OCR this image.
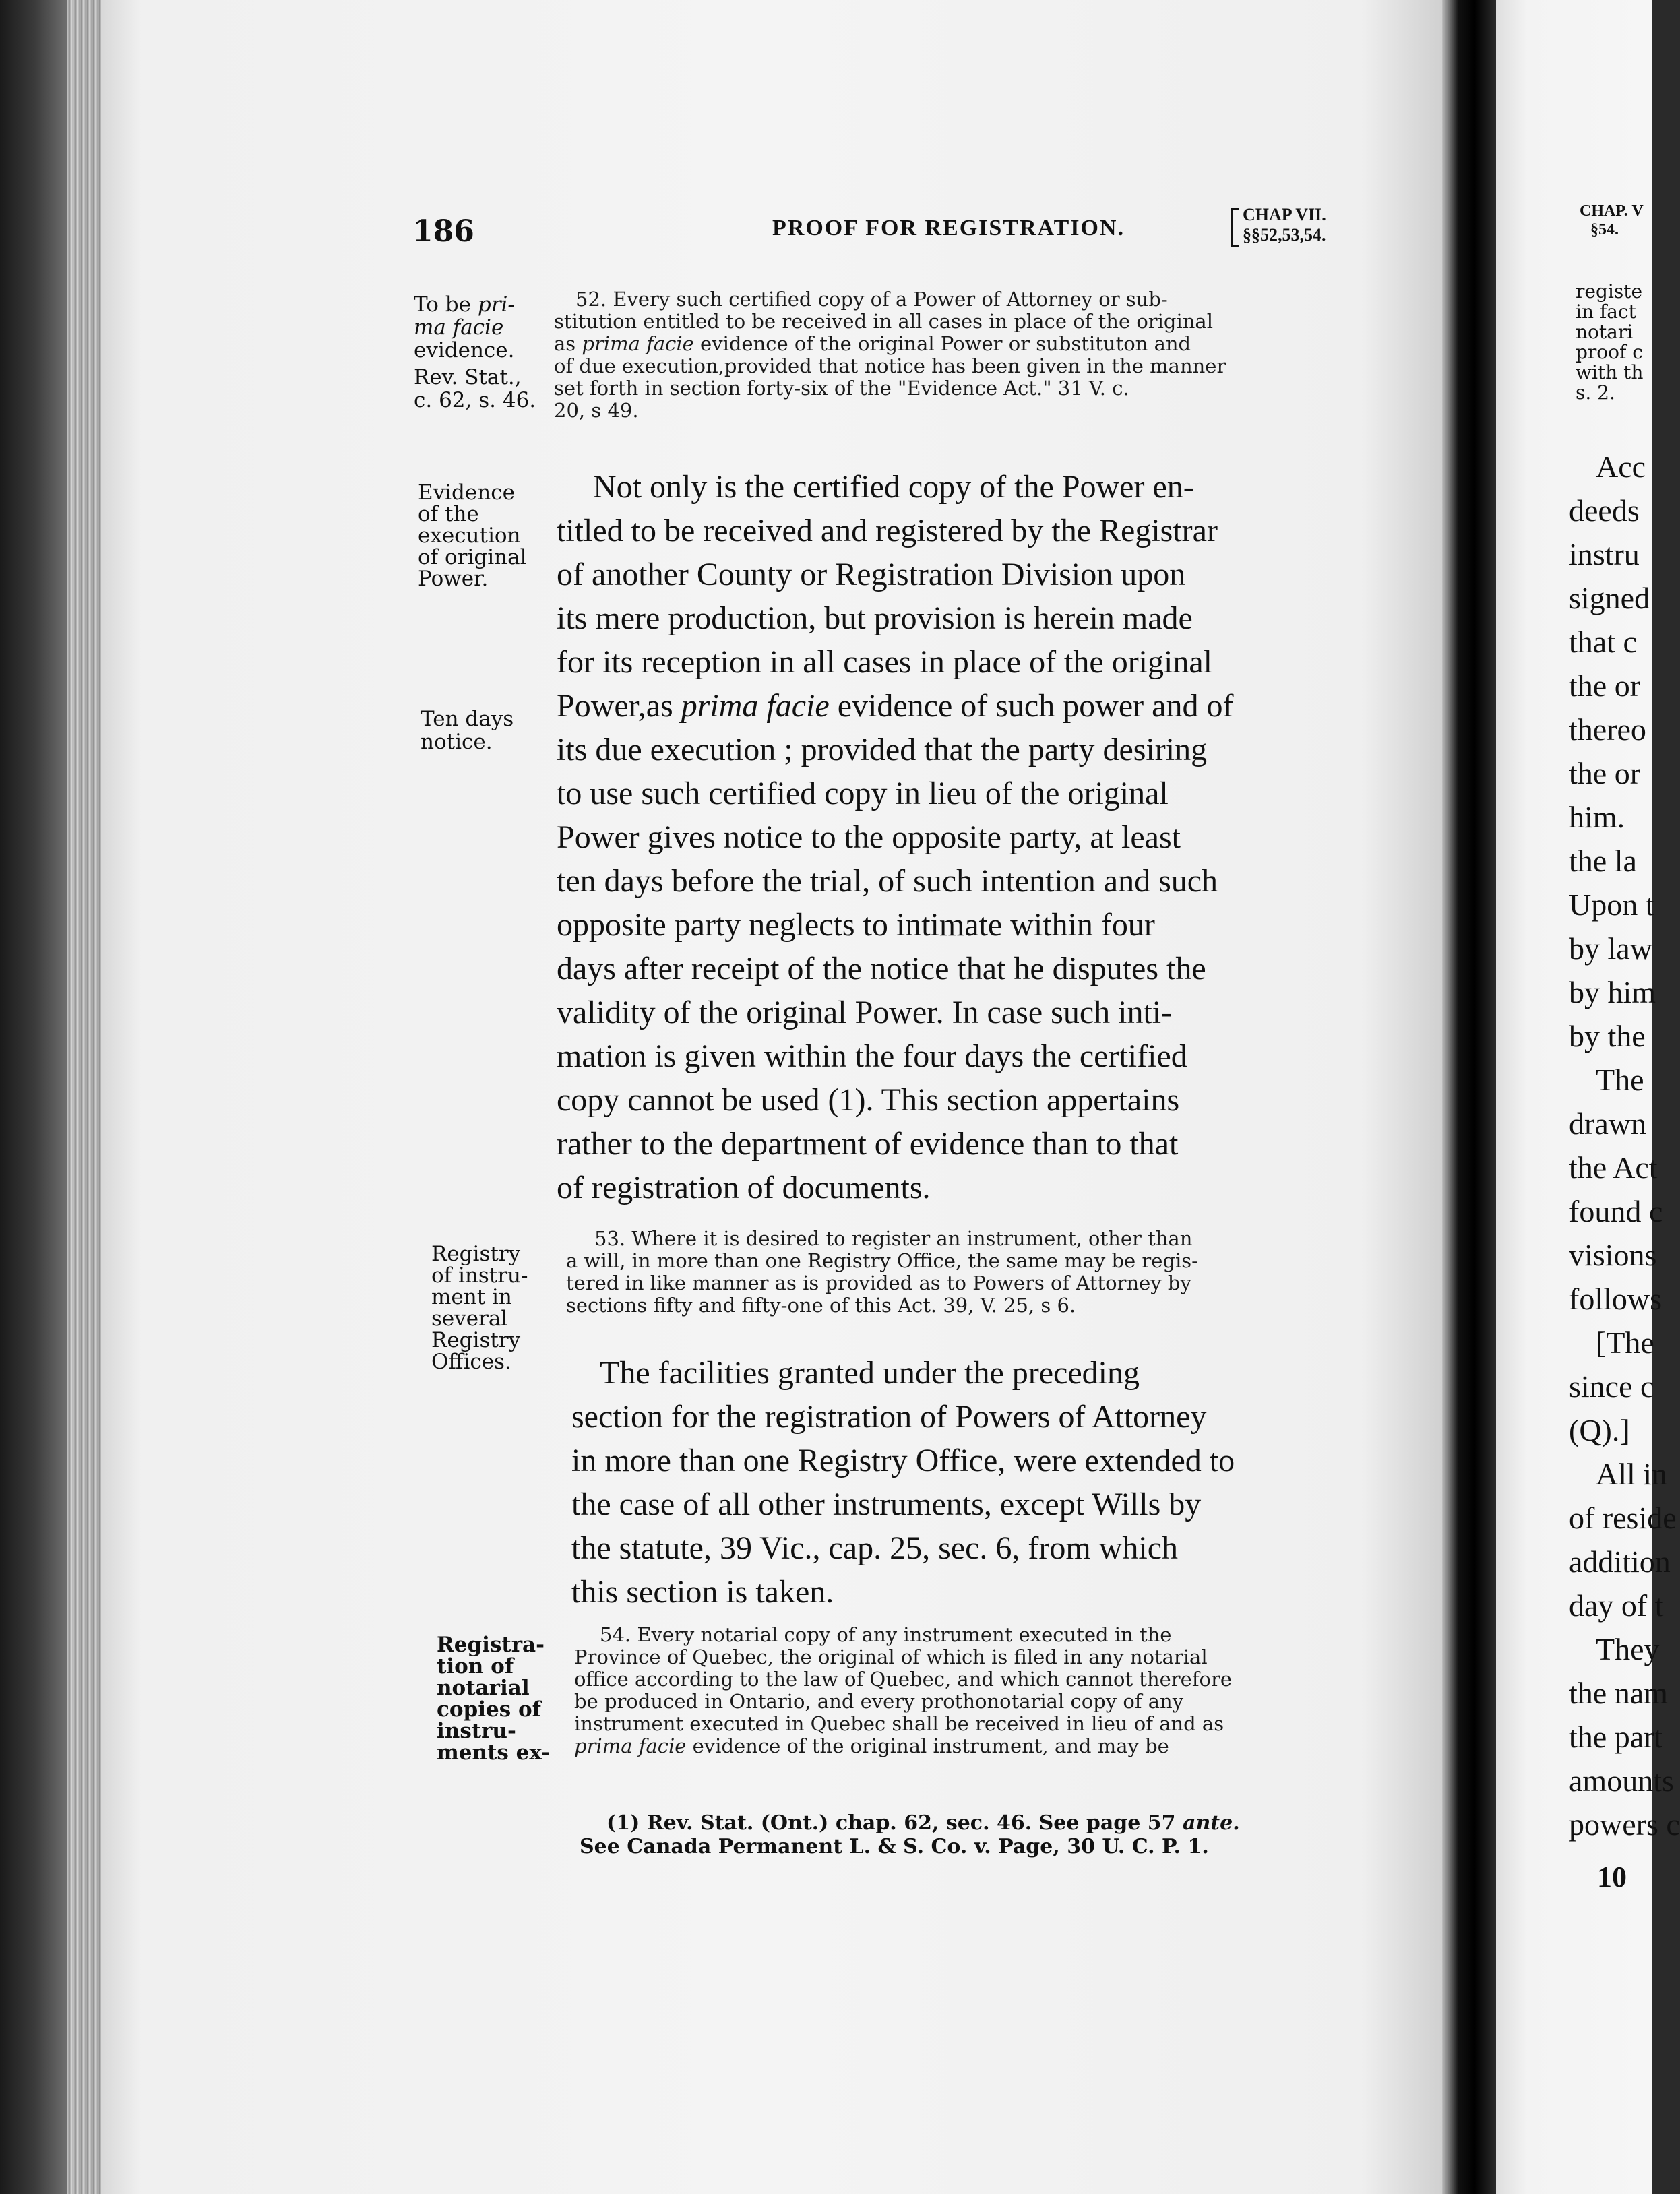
186	PROOF FOR REGISTRATION.
CHAP VII.
§§52,53,54.
To be pri-
ma facie
evidence.
Rev. Stat.,
c. 62, s. 46.
Evidence
of the
execution
of original
Power.
Ten days
notice.
Registry
of instru-
ment in
several
Registry
Offices.
Registra-
tion of
notarial
copies of
instru-
ments ex-
52. Every such certified copy of a Power of Attorney or sub-
stitution entitled to be received in all cases in place of the original
as prima facie evidence of the original Power or substituton and
of due execution,provided that notice has been given in the manner
set forth in section forty-six of the "Evidence Act." 31 V. c.
20, s 49.
Not only is the certified copy of the Power en-
titled to be received and registered by the Registrar
of another County or Registration Division upon
its mere production, but provision is herein made
for its reception in all cases in place of the original
Power,as prima facie evidence of such power and of
its due execution ; provided that the party desiring
to use such certified copy in lieu of the original
Power gives notice to the opposite party, at least
ten days before the trial, of such intention and such
opposite party neglects to intimate within four
days after receipt of the notice that he disputes the
validity of the original Power. In case such inti-
mation is given within the four days the certified
copy cannot be used (1). This section appertains
rather to the department of evidence than to that
of registration of documents.
53. Where it is desired to register an instrument, other than
a will, in more than one Registry Office, the same may be regis-
tered in like manner as is provided as to Powers of Attorney by
sections fifty and fifty-one of this Act. 39, V. 25, s 6.
The facilities granted under the preceding
section for the registration of Powers of Attorney
in more than one Registry Office, were extended to
the case of all other instruments, except Wills by
the statute, 39 Vic., cap. 25, sec. 6, from which
this section is taken.
54. Every notarial copy of any instrument executed in the
Province of Quebec, the original of which is filed in any notarial
office according to the law of Quebec, and which cannot therefore
be produced in Ontario, and every prothonotarial copy of any
instrument executed in Quebec shall be received in lieu of and as
prima facie evidence of the original instrument, and may be
(1) Rev. Stat. (Ont.) chap. 62, sec. 46. See page 57 ante.
See Canada Permanent L. & S. Co. v. Page, 30 U. C. P. 1.
CHAP. V
§54.
registe
in fact
notari
proof c
with th
s. 2.
Acc
deeds
instru
signed
that c
the or
thereo
the or
him.
the la
Upon t
by law
by him
by the
The
drawn
the Act
found c
visions
follows
[The
since c
(Q).]
All in
of reside
addition
day of t
They
the nam
the part
amounts
powers c
10
